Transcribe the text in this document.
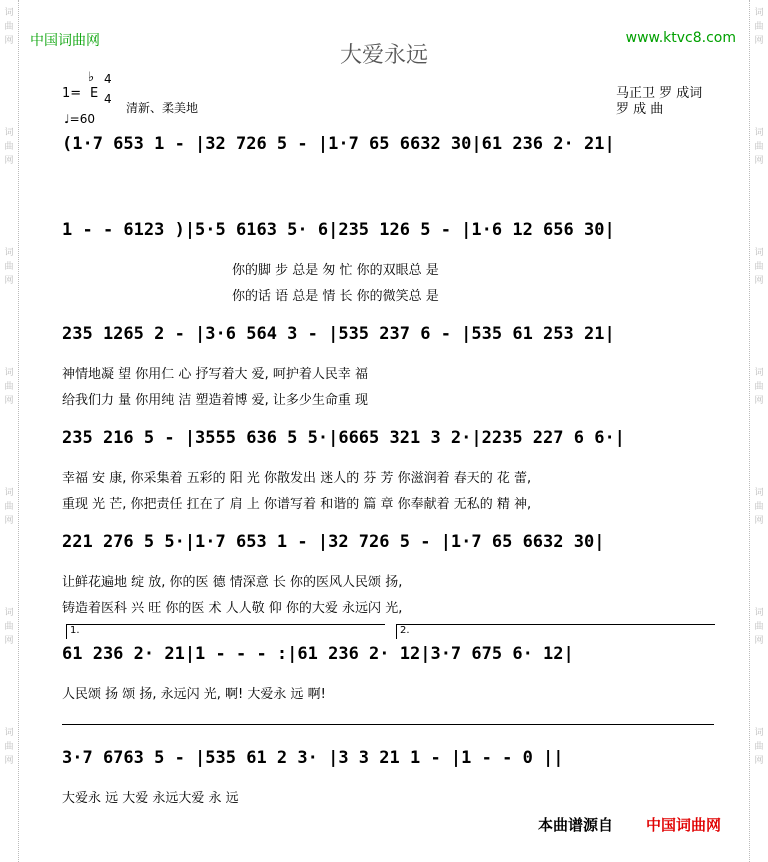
词曲网
词曲网
词曲网
词曲网
词曲网
词曲网
词曲网
词曲网
词曲网
词曲网
词曲网
词曲网
词曲网
词曲网
中国词曲网	www.ktvc8.com
大爱永远
1=
♭
E
4
4
清新、柔美地
♩=60
马正卫 罗 成词
罗 成 曲
(1·7 653 1 - |32 726 5 - |1·7 65 6632 30|61 236 2· 21|
1 - - 6123 )|5·5 6163 5· 6|235 126 5 - |1·6 12 656 30|
你的脚 步 总是 匆 忙 你的双眼总 是
你的话 语 总是 情 长 你的微笑总 是
235 1265 2 - |3·6 564 3 - |535 237 6 - |535 61 253 21|
神情地凝 望 你用仁 心 抒写着大 爱, 呵护着人民幸 福
给我们力 量 你用纯 洁 塑造着博 爱, 让多少生命重 现
235 216 5 - |3555 636 5 5·|6665 321 3 2·|2235 227 6 6·|
幸福 安 康, 你采集着 五彩的 阳 光 你散发出 迷人的 芬 芳 你滋润着 春天的 花 蕾,
重现 光 芒, 你把责任 扛在了 肩 上 你谱写着 和谐的 篇 章 你奉献着 无私的 精 神,
221 276 5 5·|1·7 653 1 - |32 726 5 - |1·7 65 6632 30|
让鲜花遍地 绽 放, 你的医 德 情深意 长 你的医风人民颂 扬,
铸造着医科 兴 旺 你的医 术 人人敬 仰 你的大爱 永远闪 光,
1.	2.
61 236 2· 21|1 - - - :|61 236 2· 12|3·7 675 6· 12|
人民颂 扬 颂 扬, 永远闪 光, 啊! 大爱永 远 啊!
3·7 6763 5 - |535 61 2 3· |3 3 21 1 - |1 - - 0 ||
大爱永 远 大爱 永远大爱 永 远
本曲谱源自 中国词曲网
